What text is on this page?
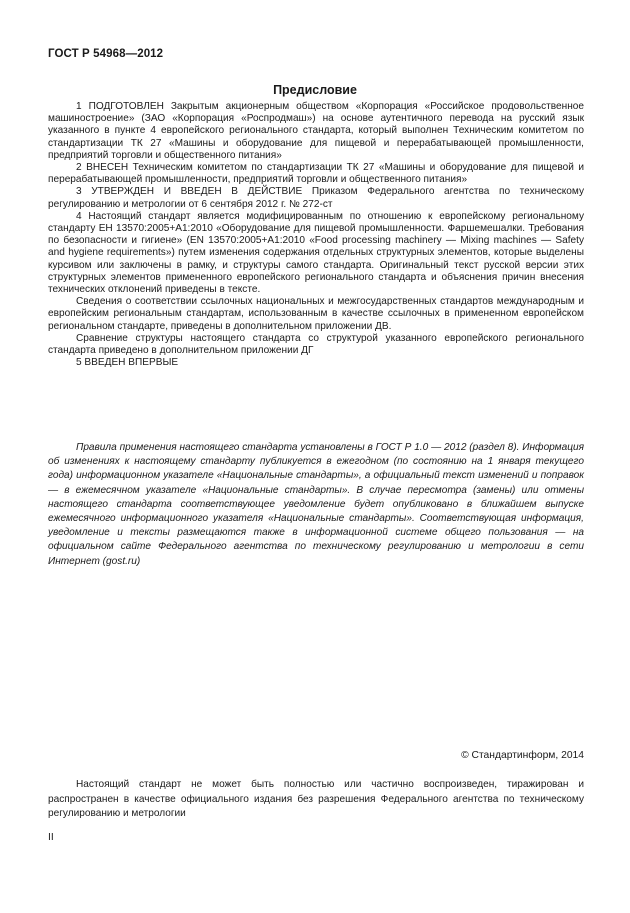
ГОСТ Р 54968—2012
Предисловие

1 ПОДГОТОВЛЕН Закрытым акционерным обществом «Корпорация «Российское продовольственное машиностроение» (ЗАО «Корпорация «Роспродмаш») на основе аутентичного перевода на русский язык указанного в пункте 4 европейского регионального стандарта, который выполнен Техническим комитетом по стандартизации ТК 27 «Машины и оборудование для пищевой и перерабатывающей промышленности, предприятий торговли и общественного питания»

2 ВНЕСЕН Техническим комитетом по стандартизации ТК 27 «Машины и оборудование для пищевой и перерабатывающей промышленности, предприятий торговли и общественного питания»

3 УТВЕРЖДЕН И ВВЕДЕН В ДЕЙСТВИЕ Приказом Федерального агентства по техническому регулированию и метрологии от 6 сентября 2012 г. № 272-ст

4 Настоящий стандарт является модифицированным по отношению к европейскому региональному стандарту ЕН 13570:2005+А1:2010 «Оборудование для пищевой промышленности. Фаршемешалки. Требования по безопасности и гигиене» (EN 13570:2005+A1:2010 «Food processing machinery — Mixing machines — Safety and hygiene requirements») путем изменения содержания отдельных структурных элементов, которые выделены курсивом или заключены в рамку, и структуры самого стандарта. Оригинальный текст русской версии этих структурных элементов примененного европейского регионального стандарта и объяснения причин внесения технических отклонений приведены в тексте.

Сведения о соответствии ссылочных национальных и межгосударственных стандартов международным и европейским региональным стандартам, использованным в качестве ссылочных в примененном европейском региональном стандарте, приведены в дополнительном приложении ДВ.

Сравнение структуры настоящего стандарта со структурой указанного европейского регионального стандарта приведено в дополнительном приложении ДГ

5 ВВЕДЕН ВПЕРВЫЕ

Правила применения настоящего стандарта установлены в ГОСТ Р 1.0 — 2012 (раздел 8). Информация об изменениях к настоящему стандарту публикуется в ежегодном (по состоянию на 1 января текущего года) информационном указателе «Национальные стандарты», а официальный текст изменений и поправок — в ежемесячном указателе «Национальные стандарты». В случае пересмотра (замены) или отмены настоящего стандарта соответствующее уведомление будет опубликовано в ближайшем выпуске ежемесячного информационного указателя «Национальные стандарты». Соответствующая информация, уведомление и тексты размещаются также в информационной системе общего пользования — на официальном сайте Федерального агентства по техническому регулированию и метрологии в сети Интернет (gost.ru)

© Стандартинформ, 2014

Настоящий стандарт не может быть полностью или частично воспроизведен, тиражирован и распространен в качестве официального издания без разрешения Федерального агентства по техническому регулированию и метрологии

II
